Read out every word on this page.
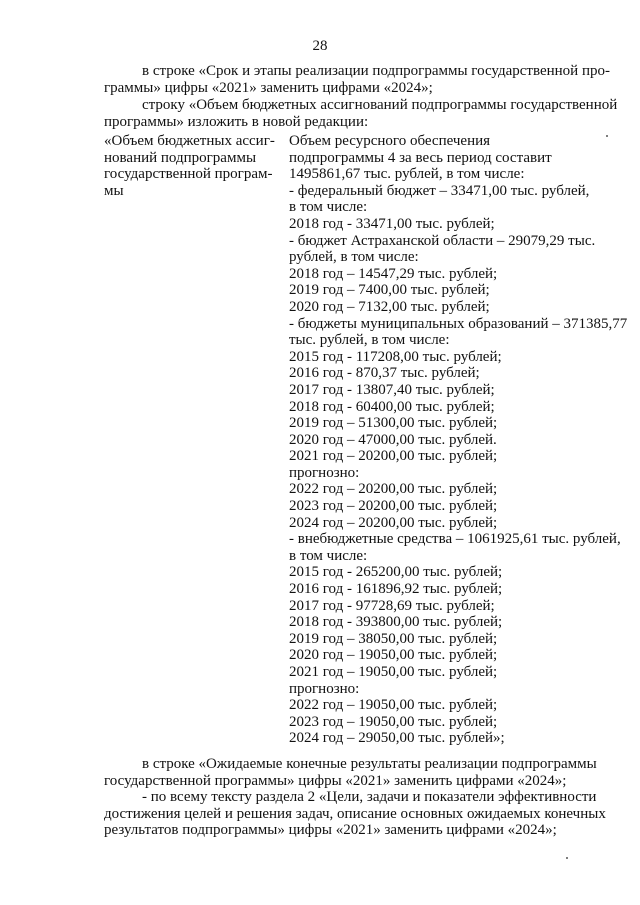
28
в строке «Срок и этапы реализации подпрограммы государственной про-
граммы» цифры «2021» заменить цифрами «2024»;
строку «Объем бюджетных ассигнований подпрограммы государственной
программы» изложить в новой редакции:
«Объем бюджетных ассиг-
нований подпрограммы
государственной програм-
мы
Объем ресурсного обеспечения
подпрограммы 4 за весь период составит
1495861,67 тыс. рублей, в том числе:
- федеральный бюджет – 33471,00 тыс. рублей,
в том числе:
2018 год - 33471,00 тыс. рублей;
- бюджет Астраханской области – 29079,29 тыс.
рублей, в том числе:
2018 год – 14547,29 тыс. рублей;
2019 год – 7400,00 тыс. рублей;
2020 год – 7132,00 тыс. рублей;
- бюджеты муниципальных образований – 371385,77
тыс. рублей, в том числе:
2015 год - 117208,00 тыс. рублей;
2016 год - 870,37 тыс. рублей;
2017 год - 13807,40 тыс. рублей;
2018 год - 60400,00 тыс. рублей;
2019 год – 51300,00 тыс. рублей;
2020 год – 47000,00 тыс. рублей.
2021 год – 20200,00 тыс. рублей;
прогнозно:
2022 год – 20200,00 тыс. рублей;
2023 год – 20200,00 тыс. рублей;
2024 год – 20200,00 тыс. рублей;
- внебюджетные средства – 1061925,61 тыс. рублей,
в том числе:
2015 год - 265200,00 тыс. рублей;
2016 год - 161896,92 тыс. рублей;
2017 год - 97728,69 тыс. рублей;
2018 год - 393800,00 тыс. рублей;
2019 год – 38050,00 тыс. рублей;
2020 год – 19050,00 тыс. рублей;
2021 год – 19050,00 тыс. рублей;
прогнозно:
2022 год – 19050,00 тыс. рублей;
2023 год – 19050,00 тыс. рублей;
2024 год – 29050,00 тыс. рублей»;
в строке «Ожидаемые конечные результаты реализации подпрограммы
государственной программы» цифры «2021» заменить цифрами «2024»;
- по всему тексту раздела 2 «Цели, задачи и показатели эффективности
достижения целей и решения задач, описание основных ожидаемых конечных
результатов подпрограммы» цифры «2021» заменить цифрами «2024»;
